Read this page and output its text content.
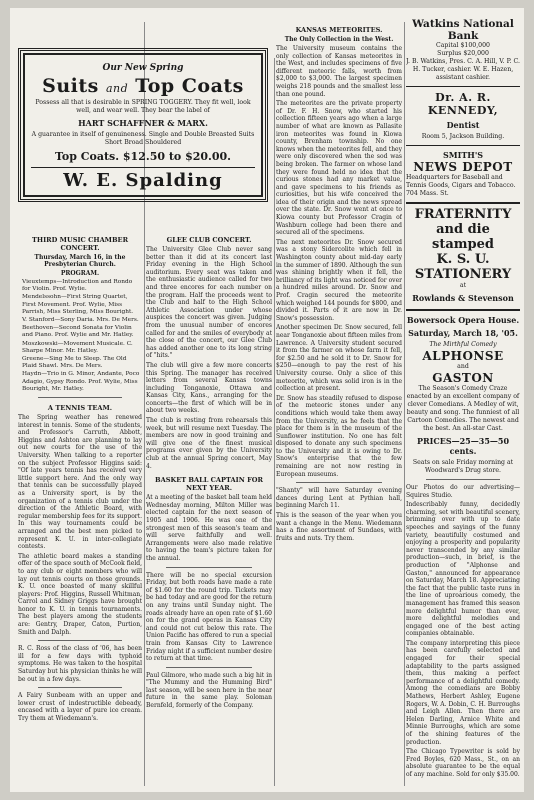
Our New Spring
Suits and Top Coats
Possess all that is desirable in SPRING TOGGERY. They fit well, look well, and wear well. They bear the label of
HART SCHAFFNER & MARX.
A guarantee in itself of genuineness. Single and Double Breasted Suits Short Broad Shouldered
Top Coats. $12.50 to $20.00.
W. E. Spalding
THIRD MUSIC CHAMBER CONCERT.
Thursday, March 16, in the Presbyterian Church.
PROGRAM.
Vieuxtemps—Introduction and Rondo for Violin. Prof. Wylie.
Mendelssohn—First String Quartet, First Movement. Prof. Wylie, Miss Parrish, Miss Sterling, Miss Bouright.
V. Stanford—Sony Daria. Mrs. De Mers.
Beethoven—Second Sonata for Violin and Piano. Prof. Wylie and Mr. Hatley.
Moszkowski—Movement Musicale. C. Sharpe Minor. Mr. Hatley.
Greene—Sing Me to Sleep. The Old Plaid Shawl. Mrs. De Mers.
Haydn—Trio in G. Minor, Andante, Poco Adagio, Gypsy Rondo. Prof. Wylie, Miss Bouright, Mr. Hatley.
A TENNIS TEAM.

The Spring weather has renewed interest in tennis. Some of the students, and Professor's Carruth, Abbott, Higgins and Ashton are planning to lay out new courts for the use of the University. When talking to a reporter on the subject Professor Higgins said: "Of late years tennis has received very little support here. And the only way that tennis can be successfully played as a University sport, is by the organization of a tennis club under the direction of the Athletic Board, with regular membership fees for its support. In this way tournaments could be arranged and the best men picked to represent K. U. in inter-collegiate contests.

The athletic board makes a standing offer of the space south of McCook field, to any club or eight members who will lay out tennis courts on those grounds. K. U. once boasted of many skillful players: Prof. Higgins, Russell Whitman, Carrol and Sidney Griggs have brought honor to K. U. in tennis tournaments. The best players among the students are: Gentry, Draper, Caton, Purtion, Smith and Dalph.

R. C. Ross of the class of '06, has been ill for a few days with typhoid symptoms. He was taken to the hospital Saturday but his physician thinks he will be out in a few days.

A Fairy Sunbeam with an upper and lower crust of indestructible debeady, encased with a layer of pure ice cream. Try them at Wiedemann's.

GLEE CLUB CONCERT.

The University Glee Club never sang better than it did at its concert last Friday evening in the High School auditorium. Every seat was taken and the enthusiastic audience called for two and three encores for each number on the program. Half the proceeds went to the Club and half to the High School Athletic Association under whose auspices the concert was given. Judging from the unusual number of encores called for and the smiles of everybody at the close of the concert, our Glee Club has added another one to its long string of "hits."

The club will give a few more concerts this Spring. The manager has received letters from several Kansas towns including Tonganoxie, Ottawa and Kansas City, Kans., arranging for the concerts—the first of which will be in about two weeks.

The club is resting from rehearsals this week, but will resume next Tuesday. The members are now in good training and will give one of the finest musical programs ever given by the University club at the annual Spring concert, May 4.

BASKET BALL CAPTAIN FOR NEXT YEAR.

At a meeting of the basket ball team held Wednesday morning, Milton Miller was elected captain for the next season of 1905 and 1906. He was one of the strongest men of this season's team and will serve faithfully and well. Arrangements were also made relative to having the team's picture taken for the annual.

There will be no special excursion Friday, but both roads have made a rate of $1.60 for the round trip. Tickets may be had today and are good for the return on any trains until Sunday night. The roads already have an open rate of $1.60 on for the grand operas in Kansas City and could not cut below this rate. The Union Pacific has offered to run a special train from Kansas City to Lawrence Friday night if a sufficient number desire to return at that time.

Paul Gilmore, who made such a big hit in "The Mummy and the Humming Bird" last season, will be seen here in the near future in the same play. Soloman Bernfeld, formerly of the Company.

KANSAS METEORITES.
The Only Collection in the West.

The University museum contains the only collection of Kansas meteorites in the West, and includes specimens of five different meteoric falls, worth from $2,000 to $3,000. The largest specimen weighs 218 pounds and the smallest less than one pound.

The meteorites are the private property of Dr. F. H. Snow, who started his collection fifteen years ago when a large number of what are known as Pallasite iron meteorites was found in Kiowa county, Brenham township. No one knows when the meteorites fell, and they were only discovered when the sod was being broken. The farmer on whose land they were found held no idea that the curious stones had any market value, and gave specimens to his friends as curiosities, but his wife conceived the idea of their origin and the news spread over the state. Dr. Snow went at once to Kiowa county but Professor Cragin of Washburn college had been there and secured all of the specimens.

The next meteorites Dr. Snow secured was a stony Sidercolite which fell in Washington county about mid-day early in the summer of 1890. Although the sun was shining brightly when it fell, the brilliancy of its light was noticed for over a hundred miles around. Dr. Snow and Prof. Cragin secured the meteorite which weighed 144 pounds for $800, and divided it. Parts of it are now in Dr. Snow's possession.

Another specimen Dr. Snow secured, fell near Tonganoxie about fifteen miles from Lawrence. A University student secured it from the farmer on whose farm it fell, for $2.50 and he sold it to Dr. Snow for $250—enough to pay the rest of his University course. Only a slice of this meteorite, which was solid iron is in the collection at present.

Dr. Snow has steadily refused to dispose of the meteoric stones under any conditions which would take them away from the University, as he feels that the place for them is in the museum of the Sunflower institution. No one has felt disposed to donate any such specimens to the University and it is owing to Dr. Snow's enterprise that the few remaining are not now resting in European museums.

"Shanty" will have Saturday evening dances during Lent at Pythian hall, beginning March 11.

This is the season of the year when you want a change in the Menu. Wiedemann has a fine assortment of Sundaes, with fruits and nuts. Try them.

Watkins National Bank
Capital $100,000
Surplus $20,000
J. B. Watkins, Pres. C. A. Hill, V. P. C. H. Tucker, cashier. W. E. Hazen, assistant cashier.
Dr. A. R. KENNEDY,
Dentist
Room 5, Jackson Building.
SMITH'S
NEWS DEPOT
Headquarters for Baseball and Tennis Goods, Cigars and Tobacco. 704 Mass. St.
FRATERNITY
and die stamped
K. S. U.
STATIONERY
at
Rowlands & Stevenson
Bowersock Opera House.
Saturday, March 18, '05.
The Mirthful Comedy
ALPHONSE
and
GASTON
The Season's Comedy Craze enacted by an excellent company of clever Comedians. A Medley of wit, beauty and song. The funniest of all Cartoon Comedies. The newest and the best. An all-star Cast.
PRICES—25—35—50 cents.
Seats on sale Friday morning at Woodward's Drug store.

Our Photos do our advertising—Squires Studio.

Indescribably funny, decidedly charming, set with beautiful scenery, brimming over with up to date speeches and sayings of the funny variety, beautifully costumed and enjoying a prosperity and popularity never transcended by any similar production—such, in brief, is the production of "Alphonse and Gaston," announced for appearance on Saturday, March 18. Appreciating the fact that the public taste runs in the line of uproarious comedy, the management has framed this season more delightful humor than ever, more delightful melodies and engaged one of the best acting companies obtainable.

The company interpreting this piece has been carefully selected and engaged for their special adaptability to the parts assigned them, thus making a perfect performance of a delightful comedy. Among the comedians are Bobby Mathews, Herbert Ashley, Eugene Rogers, W. A. Dobin, C. H. Burroughs and Leigh Allen. Then there are Helen Darling, Arnice White and Minnie Burroughs, which are some of the shining features of the production.

The Chicago Typewriter is sold by Fred Boyles, 620 Mass., St., on an absolute guarantee to be the equal of any machine. Sold for only $35.00.
